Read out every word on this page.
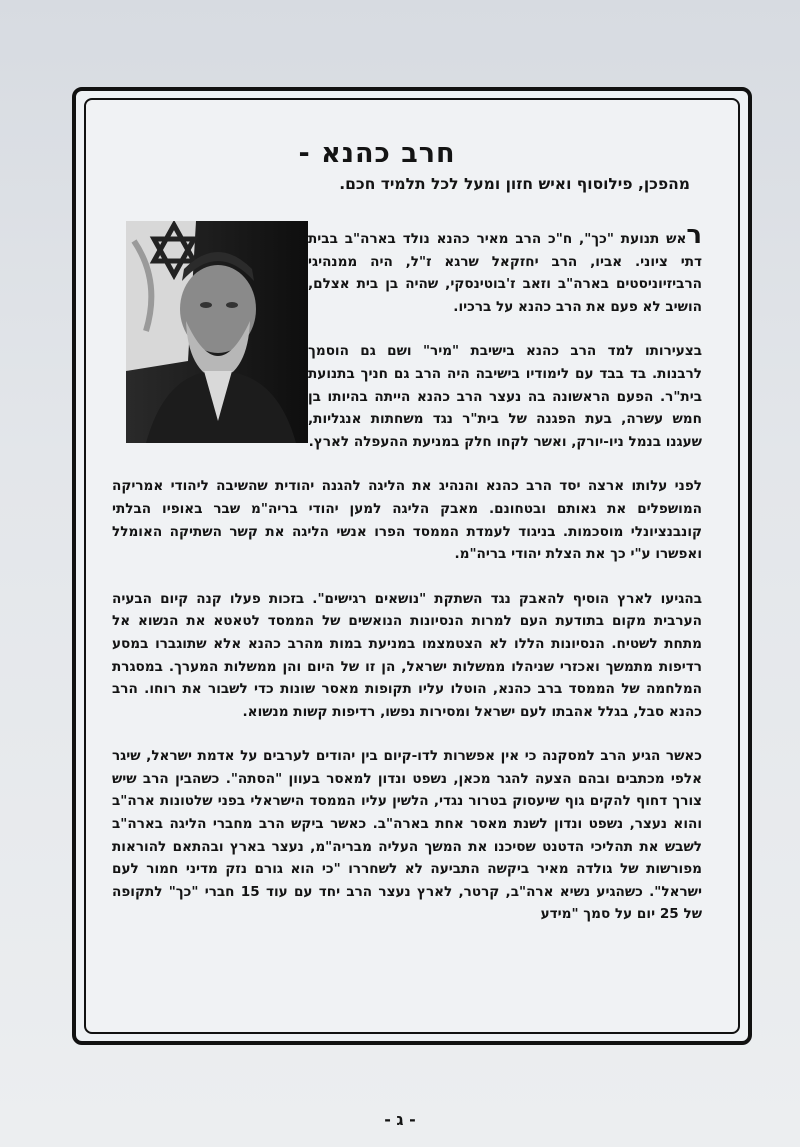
חרב כהנא -
מהפכן, פילוסוף ואיש חזון ומעל לכל תלמיד חכם.

ראש תנועת "כך", ח"כ הרב מאיר כהנא נולד בארה"ב בבית דתי ציוני. אביו, הרב יחזקאל שרגא ז"ל, היה ממנהיגי הרביזיוניסטים בארה"ב וזאב ז'בוטינסקי, שהיה בן בית אצלם, הושיב לא פעם את הרב כהנא על ברכיו.

בצעירותו למד הרב כהנא בישיבת "מיר" ושם גם הוסמך לרבנות. בד בבד עם לימודיו בישיבה היה הרב גם חניך בתנועת בית"ר. הפעם הראשונה בה נעצר הרב כהנא הייתה בהיותו בן חמש עשרה, בעת הפגנה של בית"ר נגד משחתות אנגליות, שעגנו בנמל ניו-יורק, ואשר לקחו חלק במניעת ההעפלה לארץ.

לפני עלותו ארצה יסד הרב כהנא והנהיג את הליגה להגנה יהודית שהשיבה ליהודי אמריקה המושפלים את גאותם ובטחונם. מאבק הליגה למען יהודי בריה"מ שבר באופיו הבלתי קונבנציונלי מוסכמות. בניגוד לעמדת הממסד הפרו אנשי הליגה את קשר השתיקה האומלל ואפשרו ע"י כך את הצלת יהודי בריה"מ.

בהגיעו לארץ הוסיף להאבק נגד השתקת "נושאים רגישים". בזכות פעלו קנה קיום הבעיה הערבית מקום בתודעת העם למרות הנסיונות הנואשים של הממסד לטאטא את הנשוא אל מתחת לשטיח. הנסיונות הללו לא הצטמצמו במניעת במות מהרב כהנא אלא שתוגברו במסע רדיפות מתמשך ואכזרי שניהלו ממשלות ישראל, הן זו של היום והן ממשלות המערך. במסגרת המלחמה של הממסד ברב כהנא, הוטלו עליו תקופות מאסר שונות כדי לשבור את רוחו. הרב כהנא סבל, בגלל אהבתו לעם ישראל ומסירות נפשו, רדיפות קשות מנשוא.

כאשר הגיע הרב למסקנה כי אין אפשרות לדו-קיום בין יהודים לערבים על אדמת ישראל, שיגר אלפי מכתבים ובהם הצעה להגר מכאן, נשפט ונדון למאסר בעוון "הסתה". כשהבין הרב שיש צורך דחוף להקים גוף שיעסוק בטרור נגדי, הלשין עליו הממסד הישראלי בפני שלטונות ארה"ב והוא נעצר, נשפט ונדון לשנת מאסר אחת בארה"ב. כאשר ביקש הרב מחברי הליגה בארה"ב לשבש את תהליכי הדטנט שסיכנו את המשך העליה מבריה"מ, נעצר בארץ ובהתאם להוראות מפורשות של גולדה מאיר ביקשה התביעה לא לשחררו "כי הוא גורם נזק מדיני חמור לעם ישראל". כשהגיע נשיא ארה"ב, קרטר, לארץ נעצר הרב יחד עם עוד 15 חברי "כך" לתקופה של 25 יום על סמך "מידע

- ג -
